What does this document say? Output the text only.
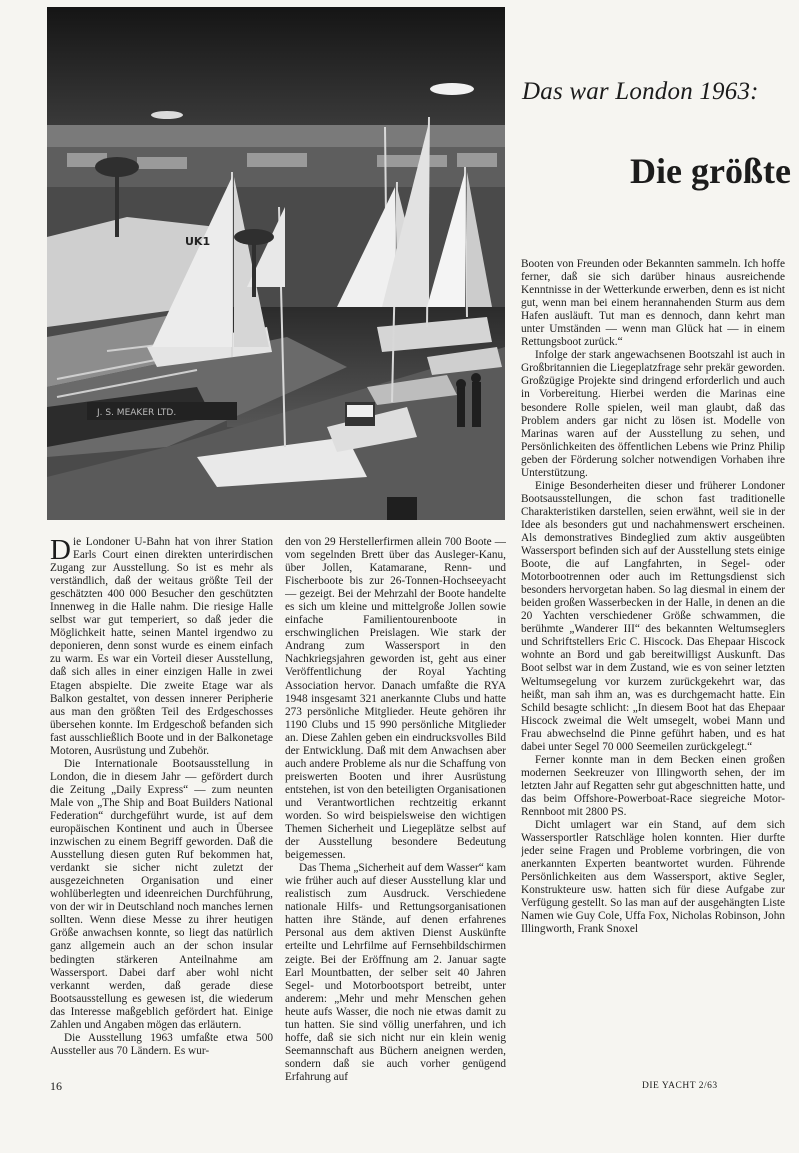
UK1
J. S. MEAKER LTD.
Das war London 1963:
Die größte

Die Londoner U-Bahn hat von ihrer Station Earls Court einen direkten unterirdischen Zugang zur Ausstellung. So ist es mehr als verständlich, daß der weitaus größte Teil der geschätzten 400 000 Besucher den geschützten Innenweg in die Halle nahm. Die riesige Halle selbst war gut temperiert, so daß jeder die Möglichkeit hatte, seinen Mantel irgendwo zu deponieren, denn sonst wurde es einem einfach zu warm. Es war ein Vorteil dieser Ausstellung, daß sich alles in einer einzigen Halle in zwei Etagen abspielte. Die zweite Etage war als Balkon gestaltet, von dessen innerer Peripherie aus man den größten Teil des Erdgeschosses übersehen konnte. Im Erdgeschoß befanden sich fast ausschließlich Boote und in der Balkonetage Motoren, Ausrüstung und Zubehör.

Die Internationale Bootsausstellung in London, die in diesem Jahr — gefördert durch die Zeitung „Daily Express“ — zum neunten Male von „The Ship and Boat Builders National Federation“ durchgeführt wurde, ist auf dem europäischen Kontinent und auch in Übersee inzwischen zu einem Begriff geworden. Daß die Ausstellung diesen guten Ruf bekommen hat, verdankt sie sicher nicht zuletzt der ausgezeichneten Organisation und einer wohlüberlegten und ideenreichen Durchführung, von der wir in Deutschland noch manches lernen sollten. Wenn diese Messe zu ihrer heutigen Größe anwachsen konnte, so liegt das natürlich ganz allgemein auch an der schon insular bedingten stärkeren Anteilnahme am Wassersport. Dabei darf aber wohl nicht verkannt werden, daß gerade diese Bootsausstellung es gewesen ist, die wiederum das Interesse maßgeblich gefördert hat. Einige Zahlen und Angaben mögen das erläutern.

Die Ausstellung 1963 umfaßte etwa 500 Aussteller aus 70 Ländern. Es wur-

den von 29 Herstellerfirmen allein 700 Boote — vom segelnden Brett über das Ausleger-Kanu, über Jollen, Katamarane, Renn- und Fischerboote bis zur 26-Tonnen-Hochseeyacht — gezeigt. Bei der Mehrzahl der Boote handelte es sich um kleine und mittelgroße Jollen sowie einfache Familientourenboote in erschwinglichen Preislagen. Wie stark der Andrang zum Wassersport in den Nachkriegsjahren geworden ist, geht aus einer Veröffentlichung der Royal Yachting Association hervor. Danach umfaßte die RYA 1948 insgesamt 321 anerkannte Clubs und hatte 273 persönliche Mitglieder. Heute gehören ihr 1190 Clubs und 15 990 persönliche Mitglieder an. Diese Zahlen geben ein eindrucksvolles Bild der Entwicklung. Daß mit dem Anwachsen aber auch andere Probleme als nur die Schaffung von preiswerten Booten und ihrer Ausrüstung entstehen, ist von den beteiligten Organisationen und Verantwortlichen rechtzeitig erkannt worden. So wird beispielsweise den wichtigen Themen Sicherheit und Liegeplätze selbst auf der Ausstellung besondere Bedeutung beigemessen.

Das Thema „Sicherheit auf dem Wasser“ kam wie früher auch auf dieser Ausstellung klar und realistisch zum Ausdruck. Verschiedene nationale Hilfs- und Rettungsorganisationen hatten ihre Stände, auf denen erfahrenes Personal aus dem aktiven Dienst Auskünfte erteilte und Lehrfilme auf Fernsehbildschirmen zeigte. Bei der Eröffnung am 2. Januar sagte Earl Mountbatten, der selber seit 40 Jahren Segel- und Motorbootsport betreibt, unter anderem: „Mehr und mehr Menschen gehen heute aufs Wasser, die noch nie etwas damit zu tun hatten. Sie sind völlig unerfahren, und ich hoffe, daß sie sich nicht nur ein klein wenig Seemannschaft aus Büchern aneignen werden, sondern daß sie auch vorher genügend Erfahrung auf

Booten von Freunden oder Bekannten sammeln. Ich hoffe ferner, daß sie sich darüber hinaus ausreichende Kenntnisse in der Wetterkunde erwerben, denn es ist nicht gut, wenn man bei einem herannahenden Sturm aus dem Hafen ausläuft. Tut man es dennoch, dann kehrt man unter Umständen — wenn man Glück hat — in einem Rettungsboot zurück.“

Infolge der stark angewachsenen Bootszahl ist auch in Großbritannien die Liegeplatzfrage sehr prekär geworden. Großzügige Projekte sind dringend erforderlich und auch in Vorbereitung. Hierbei werden die Marinas eine besondere Rolle spielen, weil man glaubt, daß das Problem anders gar nicht zu lösen ist. Modelle von Marinas waren auf der Ausstellung zu sehen, und Persönlichkeiten des öffentlichen Lebens wie Prinz Philip geben der Förderung solcher notwendigen Vorhaben ihre Unterstützung.

Einige Besonderheiten dieser und früherer Londoner Bootsausstellungen, die schon fast traditionelle Charakteristiken darstellen, seien erwähnt, weil sie in der Idee als besonders gut und nachahmenswert erscheinen. Als demonstratives Bindeglied zum aktiv ausgeübten Wassersport befinden sich auf der Ausstellung stets einige Boote, die auf Langfahrten, in Segel- oder Motorbootrennen oder auch im Rettungsdienst sich besonders hervorgetan haben. So lag diesmal in einem der beiden großen Wasserbecken in der Halle, in denen an die 20 Yachten verschiedener Größe schwammen, die berühmte „Wanderer III“ des bekannten Weltumseglers und Schriftstellers Eric C. Hiscock. Das Ehepaar Hiscock wohnte an Bord und gab bereitwilligst Auskunft. Das Boot selbst war in dem Zustand, wie es von seiner letzten Weltumsegelung vor kurzem zurückgekehrt war, das heißt, man sah ihm an, was es durchgemacht hatte. Ein Schild besagte schlicht: „In diesem Boot hat das Ehepaar Hiscock zweimal die Welt umsegelt, wobei Mann und Frau abwechselnd die Pinne geführt haben, und es hat dabei unter Segel 70 000 Seemeilen zurückgelegt.“

Ferner konnte man in dem Becken einen großen modernen Seekreuzer von Illingworth sehen, der im letzten Jahr auf Regatten sehr gut abgeschnitten hatte, und das beim Offshore-Powerboat-Race siegreiche Motor-Rennboot mit 2800 PS.

Dicht umlagert war ein Stand, auf dem sich Wassersportler Ratschläge holen konnten. Hier durfte jeder seine Fragen und Probleme vorbringen, die von anerkannten Experten beantwortet wurden. Führende Persönlichkeiten aus dem Wassersport, aktive Segler, Konstrukteure usw. hatten sich für diese Aufgabe zur Verfügung gestellt. So las man auf der ausgehängten Liste Namen wie Guy Cole, Uffa Fox, Nicholas Robinson, John Illingworth, Frank Snoxel

16	DIE YACHT 2/63
